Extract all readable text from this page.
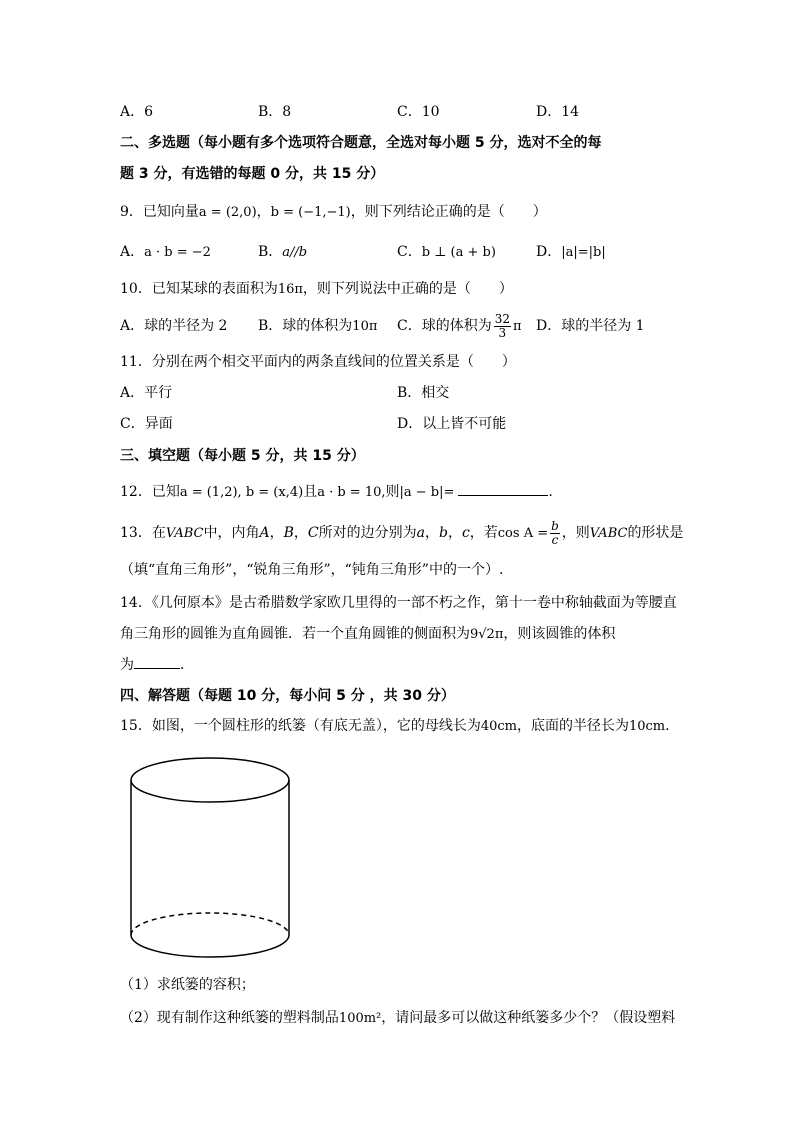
A．6	B．8	C．10	D．14
二、多选题（每小题有多个选项符合题意，全选对每小题 5 分，选对不全的每
题 3 分，有选错的每题 0 分，共 15 分）
9．已知向量a = (2,0)，b = (−1,−1)，则下列结论正确的是（　　）
A．a · b = −2	B．a//b	C．b ⊥ (a + b)	D．|a|=|b|
10．已知某球的表面积为16π，则下列说法中正确的是（　　）
A．球的半径为 2 B．球的体积为10π C．球的体积为 $\frac{32}{3}$ π D．球的半径为 1
11．分别在两个相交平面内的两条直线间的位置关系是（　　）
A．平行	B．相交
C．异面	D．以上皆不可能
三、填空题（每小题 5 分，共 15 分）
12．已知a = (1,2), b = (x,4)且a · b = 10,则|a − b|=	.
13．在VABC中，内角A，B，C所对的边分别为a，b，c，若$\cos A = \frac{b}{c}$ ，则VABC的形状是
（填“直角三角形”，“锐角三角形”，“钝角三角形”中的一个）.
14．《几何原本》是古希腊数学家欧几里得的一部不朽之作，第十一卷中称轴截面为等腰直
角三角形的圆锥为直角圆锥．若一个直角圆锥的侧面积为9√2π，则该圆锥的体积
为	．
四、解答题（每题 10 分，每小问 5 分 ，共 30 分）
15．如图，一个圆柱形的纸篓（有底无盖），它的母线长为40cm，底面的半径长为10cm.
（1）求纸篓的容积；
（2）现有制作这种纸篓的塑料制品100m²，请问最多可以做这种纸篓多少个？（假设塑料
